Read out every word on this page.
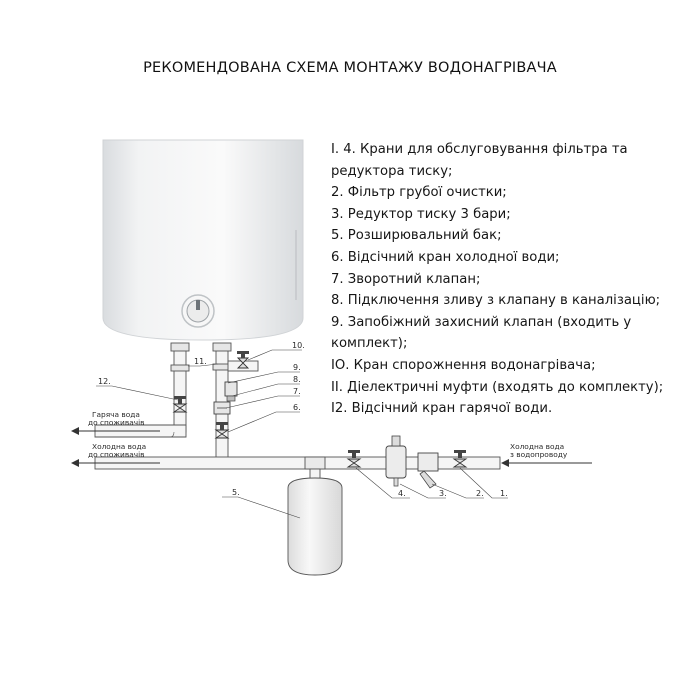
РЕКОМЕНДОВАНА СХЕМА МОНТАЖУ ВОДОНАГРІВАЧА
Гаряча вода
до споживачів
Холодна вода
до споживачів
Холодна вода
з водопроводу
1.
2.
3.
4.
5.
6.
7.
8.
9.
10.
11.
12.
І. 4. Крани для обслуговування фільтра та редуктора тиску;
2. Фільтр грубої очистки;
3. Редуктор тиску 3 бари;
5. Розширювальний бак;
6. Відсічний кран холодної води;
7. Зворотний клапан;
8. Підключення зливу з клапану в каналізацію;
9. Запобіжний захисний клапан (входить у комплект);
ІО. Кран спорожнення водонагрівача;
ІІ. Діелектричні муфти (входять до комплекту);
І2. Відсічний кран гарячої води.
